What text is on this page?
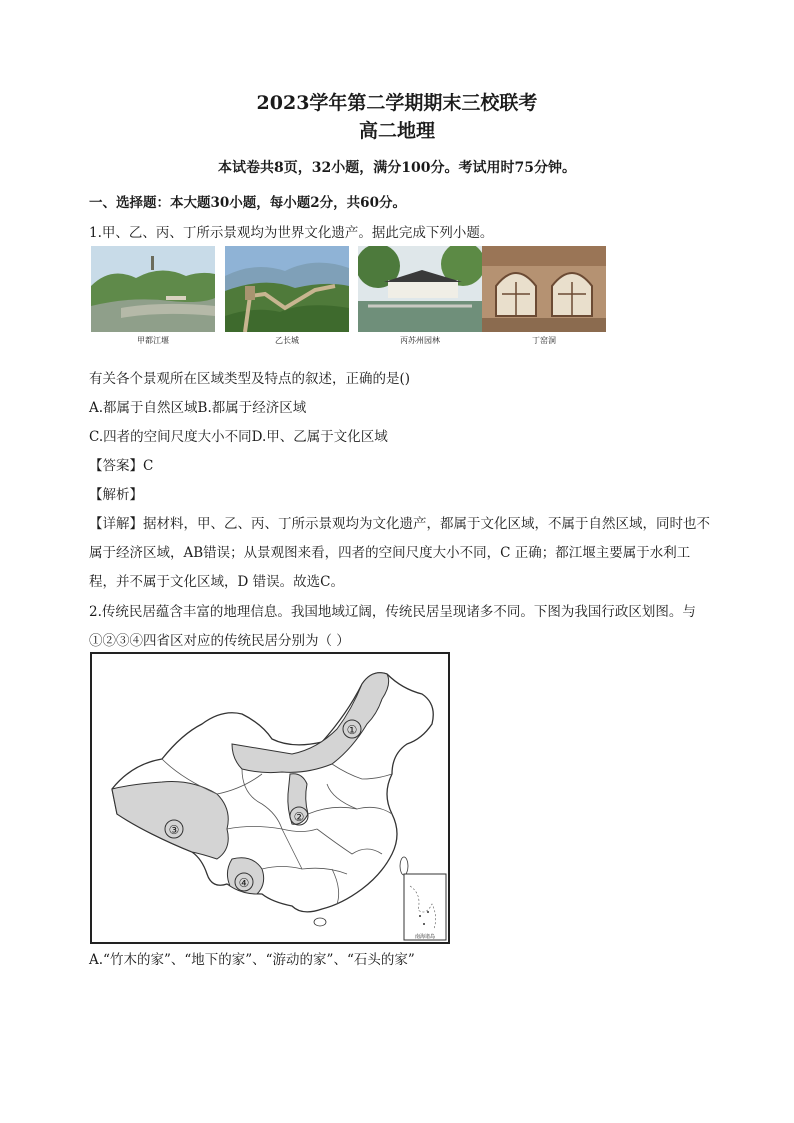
2023学年第二学期期末三校联考
高二地理
本试卷共8页，32小题，满分100分。考试用时75分钟。
一、选择题：本大题30小题，每小题2分，共60分。
1.甲、乙、丙、丁所示景观均为世界文化遗产。据此完成下列小题。
甲都江堰	乙长城	丙苏州园林	丁窑洞
有关各个景观所在区域类型及特点的叙述，正确的是()
A.都属于自然区域B.都属于经济区域
C.四者的空间尺度大小不同D.甲、乙属于文化区域
【答案】C
【解析】
【详解】据材料，甲、乙、丙、丁所示景观均为文化遗产，都属于文化区域，不属于自然区域，同时也不
属于经济区域，AB错误；从景观图来看，四者的空间尺度大小不同，C 正确；都江堰主要属于水利工
程，并不属于文化区域，D 错误。故选C。
2.传统民居蕴含丰富的地理信息。我国地域辽阔，传统民居呈现诸多不同。下图为我国行政区划图。与
①②③④四省区对应的传统民居分别为（ ）
①
②
③
④
南海诸岛
A.“竹木的家”、“地下的家”、“游动的家”、“石头的家”
